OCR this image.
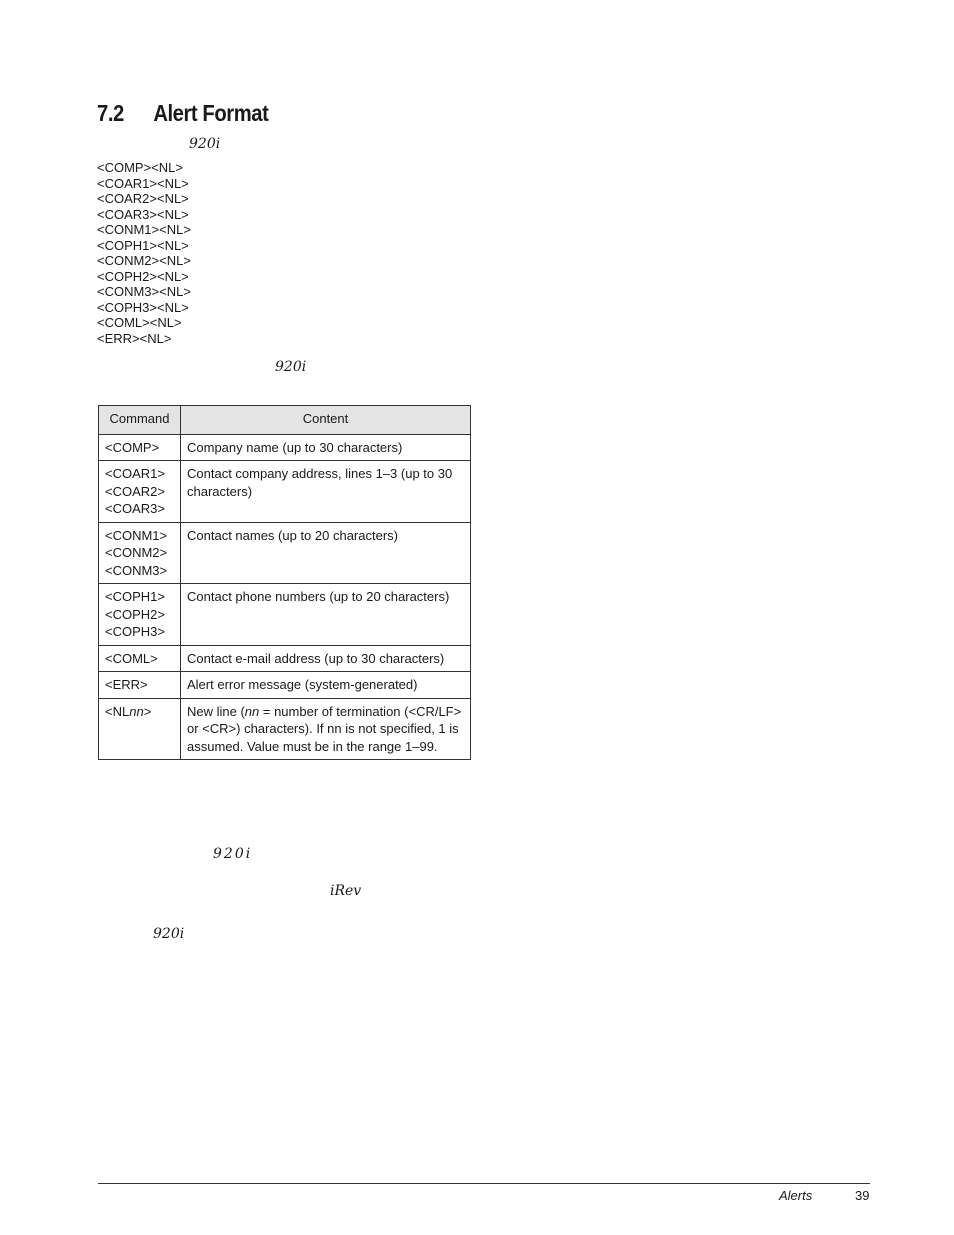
7.2 Alert Format
920i
<COMP><NL>
<COAR1><NL>
<COAR2><NL>
<COAR3><NL>
<CONM1><NL>
<COPH1><NL>
<CONM2><NL>
<COPH2><NL>
<CONM3><NL>
<COPH3><NL>
<COML><NL>
<ERR><NL>
920i
Command	Content

<COMP>	Company name (up to 30 characters)

<COAR1>
<COAR2>
<COAR3>	Contact company address, lines 1–3 (up to 30 characters)

<CONM1>
<CONM2>
<CONM3>	Contact names (up to 20 characters)

<COPH1>
<COPH2>
<COPH3>	Contact phone numbers (up to 20 characters)

<COML>	Contact e-mail address (up to 30 characters)

<ERR>	Alert error message (system-generated)
<NLnn>	New line (nn = number of termination (<CR/LF> or <CR>) characters). If nn is not specified, 1 is assumed. Value must be in the range 1–99.
920i
iRev
920i
Alerts	39
